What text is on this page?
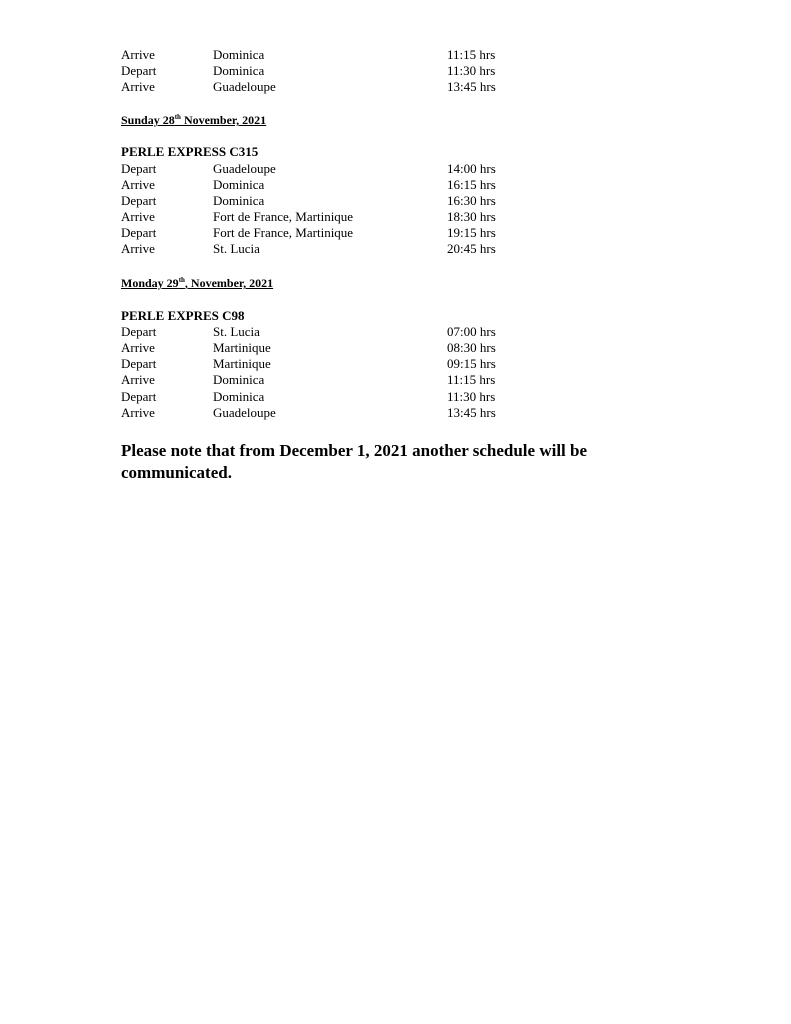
Arrive	Dominica	11:15 hrs
Depart	Dominica	11:30 hrs
Arrive	Guadeloupe	13:45 hrs
Sunday 28th November, 2021
PERLE EXPRESS C315
Depart	Guadeloupe	14:00 hrs
Arrive	Dominica	16:15 hrs
Depart	Dominica	16:30 hrs
Arrive	Fort de France, Martinique	18:30 hrs
Depart	Fort de France, Martinique	19:15 hrs
Arrive	St. Lucia	20:45 hrs
Monday 29th, November, 2021
PERLE EXPRES C98
Depart	St. Lucia	07:00 hrs
Arrive	Martinique	08:30 hrs
Depart	Martinique	09:15 hrs
Arrive	Dominica	11:15 hrs
Depart	Dominica	11:30 hrs
Arrive	Guadeloupe	13:45 hrs
Please note that from December 1, 2021 another schedule will be communicated.
